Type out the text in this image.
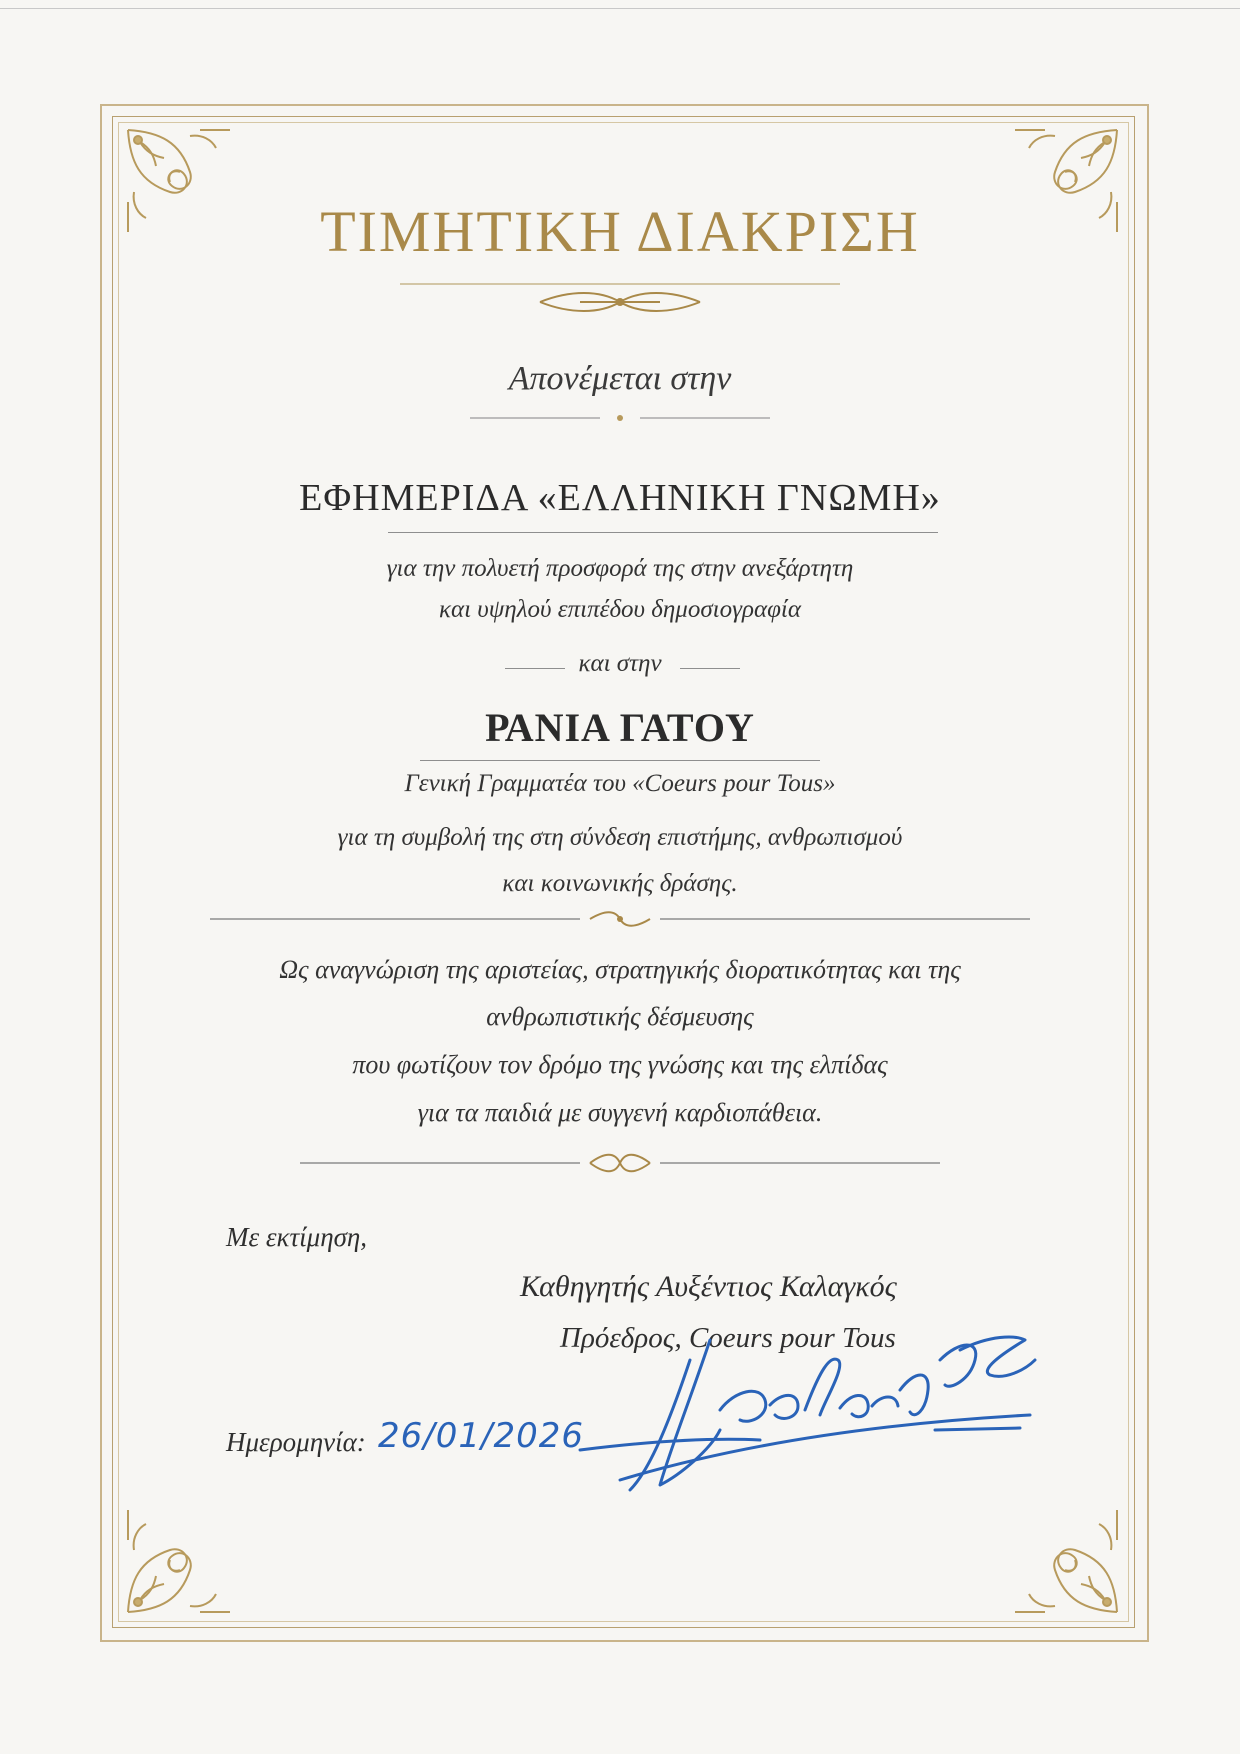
ΤΙΜΗΤΙΚΗ ΔΙΑΚΡΙΣΗ
Απονέμεται στην
ΕΦΗΜΕΡΙΔΑ «ΕΛΛΗΝΙΚΗ ΓΝΩΜΗ»
για την πολυετή προσφορά της στην ανεξάρτητη
και υψηλού επιπέδου δημοσιογραφία
και στην
ΡΑΝΙΑ ΓΑΤΟΥ
Γενική Γραμματέα του «Coeurs pour Tous»
για τη συμβολή της στη σύνδεση επιστήμης, ανθρωπισμού
και κοινωνικής δράσης.
Ως αναγνώριση της αριστείας, στρατηγικής διορατικότητας και της
ανθρωπιστικής δέσμευσης
που φωτίζουν τον δρόμο της γνώσης και της ελπίδας
για τα παιδιά με συγγενή καρδιοπάθεια.
Με εκτίμηση,
Καθηγητής Αυξέντιος Καλαγκός
Πρόεδρος, Coeurs pour Tous
Ημερομηνία: 26/01/2026
